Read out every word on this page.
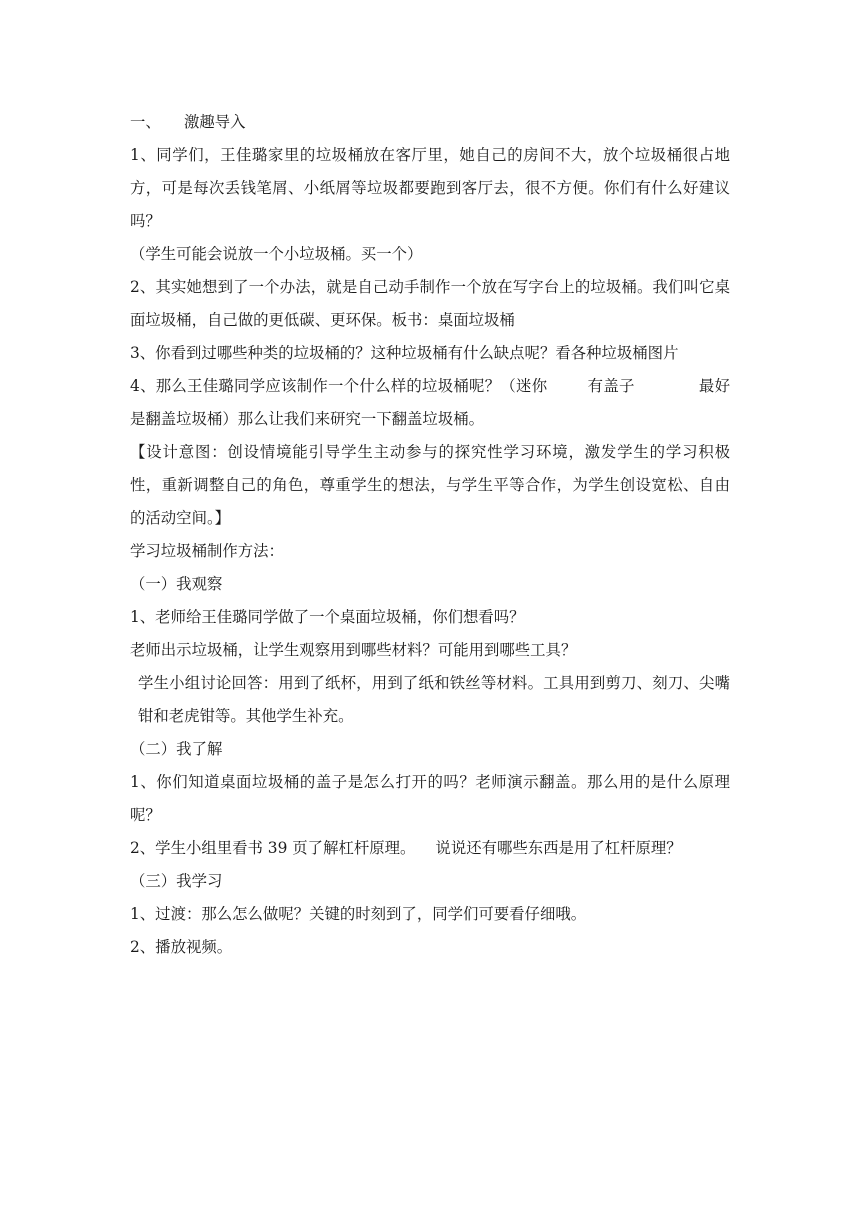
一、 激趣导入

1、同学们，王佳璐家里的垃圾桶放在客厅里，她自己的房间不大，放个垃圾桶很占地方，可是每次丢钱笔屑、小纸屑等垃圾都要跑到客厅去，很不方便。你们有什么好建议吗？

（学生可能会说放一个小垃圾桶。买一个）

2、其实她想到了一个办法，就是自己动手制作一个放在写字台上的垃圾桶。我们叫它桌面垃圾桶，自己做的更低碳、更环保。板书：桌面垃圾桶

3、你看到过哪些种类的垃圾桶的？这种垃圾桶有什么缺点呢？看各种垃圾桶图片

4、那么王佳璐同学应该制作一个什么样的垃圾桶呢？（迷你	有盖子	最好是翻盖垃圾桶）那么让我们来研究一下翻盖垃圾桶。

【设计意图：创设情境能引导学生主动参与的探究性学习环境，激发学生的学习积极性，重新调整自己的角色，尊重学生的想法，与学生平等合作，为学生创设宽松、自由的活动空间。】

学习垃圾桶制作方法：

（一）我观察

1、老师给王佳璐同学做了一个桌面垃圾桶，你们想看吗？

老师出示垃圾桶，让学生观察用到哪些材料？可能用到哪些工具？

学生小组讨论回答：用到了纸杯，用到了纸和铁丝等材料。工具用到剪刀、刻刀、尖嘴钳和老虎钳等。其他学生补充。

（二）我了解

1、你们知道桌面垃圾桶的盖子是怎么打开的吗？老师演示翻盖。那么用的是什么原理呢？

2、学生小组里看书 39 页了解杠杆原理。 说说还有哪些东西是用了杠杆原理？

（三）我学习

1、过渡：那么怎么做呢？关键的时刻到了，同学们可要看仔细哦。

2、播放视频。
